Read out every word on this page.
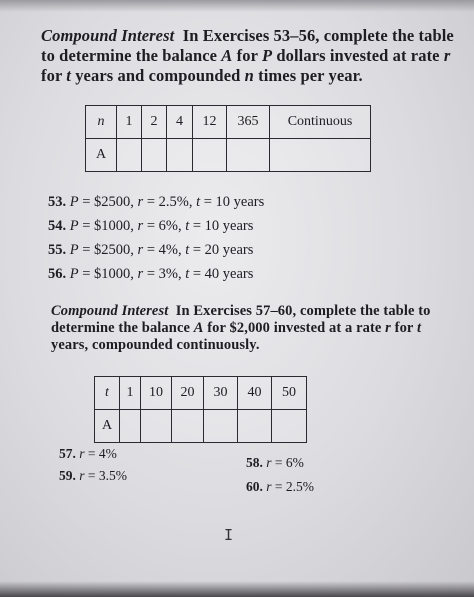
Compound Interest In Exercises 53–56, complete the table to determine the balance A for P dollars invested at rate r for t years and compounded n times per year.
n	1	2	4	12	365	Continuous
A						
53. P = $2500, r = 2.5%, t = 10 years
54. P = $1000, r = 6%, t = 10 years
55. P = $2500, r = 4%, t = 20 years
56. P = $1000, r = 3%, t = 40 years
Compound Interest In Exercises 57–60, complete the table to determine the balance A for $2,000 invested at a rate r for t years, compounded continuously.
t	1	10	20	30	40	50
A						
57. r = 4%
58. r = 6%
59. r = 3.5%
60. r = 2.5%
I
